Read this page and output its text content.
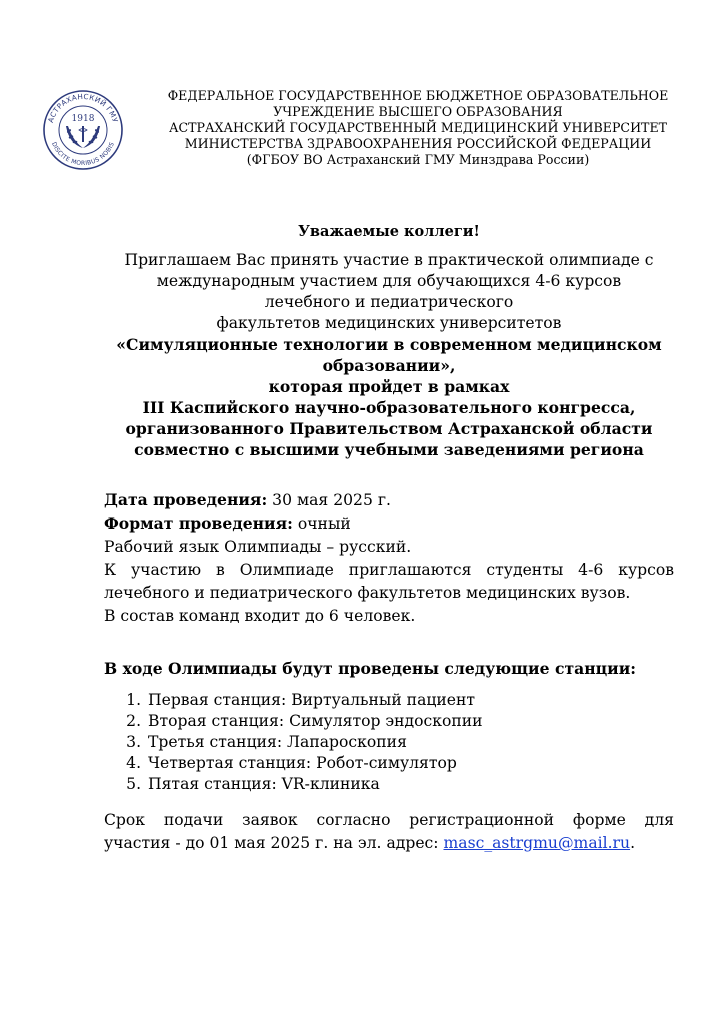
АСТРАХАНСКИЙ ГМУ
DISCITE MORIBUS NOBIS
1918
ФЕДЕРАЛЬНОЕ ГОСУДАРСТВЕННОЕ БЮДЖЕТНОЕ ОБРАЗОВАТЕЛЬНОЕ
УЧРЕЖДЕНИЕ ВЫСШЕГО ОБРАЗОВАНИЯ
АСТРАХАНСКИЙ ГОСУДАРСТВЕННЫЙ МЕДИЦИНСКИЙ УНИВЕРСИТЕТ
МИНИСТЕРСТВА ЗДРАВООХРАНЕНИЯ РОССИЙСКОЙ ФЕДЕРАЦИИ
(ФГБОУ ВО Астраханский ГМУ Минздрава России)
Уважаемые коллеги!
Приглашаем Вас принять участие в практической олимпиаде с
международным участием для обучающихся 4-6 курсов
лечебного и педиатрического
факультетов медицинских университетов
«Симуляционные технологии в современном медицинском
образовании»,
которая пройдет в рамках
III Каспийского научно-образовательного конгресса,
организованного Правительством Астраханской области
совместно с высшими учебными заведениями региона

Дата проведения: 30 мая 2025 г.

Формат проведения: очный

Рабочий язык Олимпиады – русский.

К участию в Олимпиаде приглашаются студенты 4-6 курсов

лечебного и педиатрического факультетов медицинских вузов.

В состав команд входит до 6 человек.

В ходе Олимпиады будут проведены следующие станции:
1. Первая станция: Виртуальный пациент
2. Вторая станция: Симулятор эндоскопии
3. Третья станция: Лапароскопия
4. Четвертая станция: Робот-симулятор
5. Пятая станция: VR-клиника
Срок подачи заявок согласно регистрационной форме для
участия - до 01 мая 2025 г. на эл. адрес: masc_astrgmu@mail.ru.
